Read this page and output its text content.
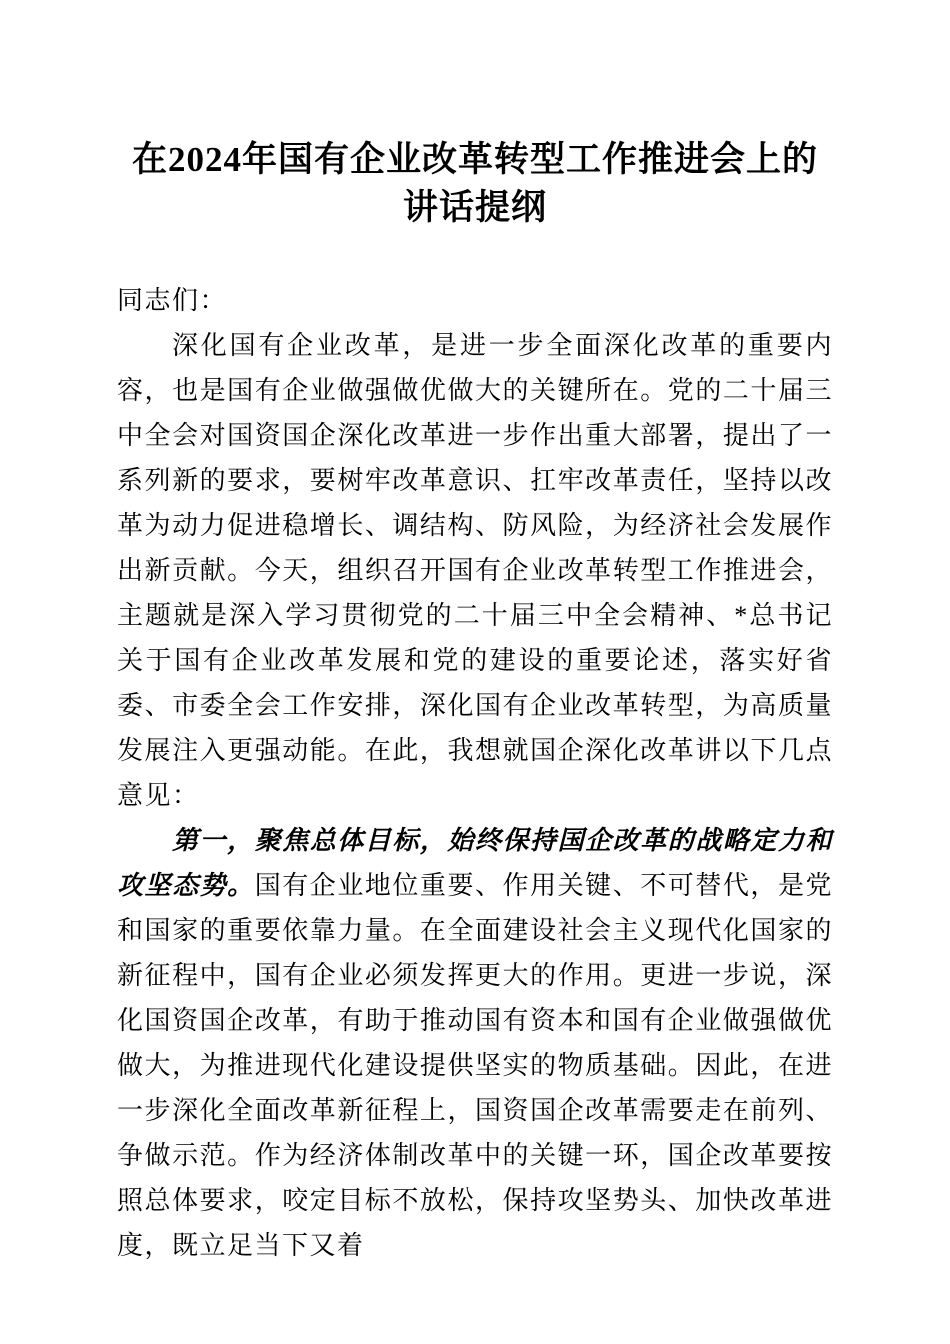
在2024年国有企业改革转型工作推进会上的
讲话提纲

同志们：

深化国有企业改革，是进一步全面深化改革的重要内容，也是国有企业做强做优做大的关键所在。党的二十届三中全会对国资国企深化改革进一步作出重大部署，提出了一系列新的要求，要树牢改革意识、扛牢改革责任，坚持以改革为动力促进稳增长、调结构、防风险，为经济社会发展作出新贡献。今天，组织召开国有企业改革转型工作推进会，主题就是深入学习贯彻党的二十届三中全会精神、*总书记关于国有企业改革发展和党的建设的重要论述，落实好省委、市委全会工作安排，深化国有企业改革转型，为高质量发展注入更强动能。在此，我想就国企深化改革讲以下几点意见：

第一，聚焦总体目标，始终保持国企改革的战略定力和攻坚态势。国有企业地位重要、作用关键、不可替代，是党和国家的重要依靠力量。在全面建设社会主义现代化国家的新征程中，国有企业必须发挥更大的作用。更进一步说，深化国资国企改革，有助于推动国有资本和国有企业做强做优做大，为推进现代化建设提供坚实的物质基础。因此，在进一步深化全面改革新征程上，国资国企改革需要走在前列、争做示范。作为经济体制改革中的关键一环，国企改革要按照总体要求，咬定目标不放松，保持攻坚势头、加快改革进度，既立足当下又着
